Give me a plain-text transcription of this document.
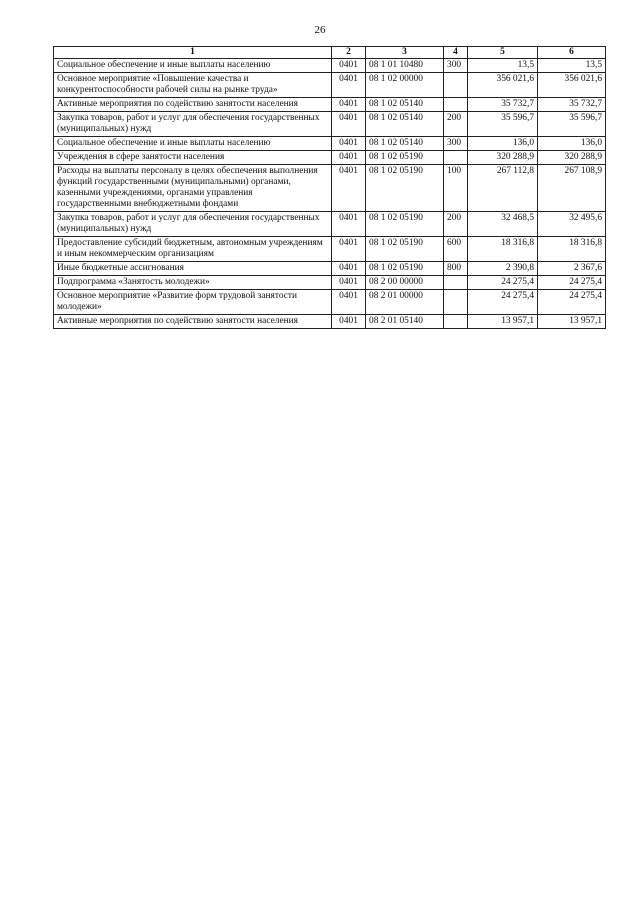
26
1	2	3	4	5	6
Социальное обеспечение и иные выплаты населению	0401	08 1 01 10480	300	13,5	13,5
Основное мероприятие «Повышение качества и конкурентоспособности рабочей силы на рынке труда»	0401	08 1 02 00000		356 021,6	356 021,6
Активные мероприятия по содействию занятости населения	0401	08 1 02 05140		35 732,7	35 732,7
Закупка товаров, работ и услуг для обеспечения государственных (муниципальных) нужд	0401	08 1 02 05140	200	35 596,7	35 596,7
Социальное обеспечение и иные выплаты населению	0401	08 1 02 05140	300	136,0	136,0
Учреждения в сфере занятости населения	0401	08 1 02 05190		320 288,9	320 288,9
Расходы на выплаты персоналу в целях обеспечения выполнения функций государственными (муниципальными) органами, казенными учреждениями, органами управления государственными внебюджетными фондами	0401	08 1 02 05190	100	267 112,8	267 108,9
Закупка товаров, работ и услуг для обеспечения государственных (муниципальных) нужд	0401	08 1 02 05190	200	32 468,5	32 495,6
Предоставление субсидий бюджетным, автономным учреждениям и иным некоммерческим организациям	0401	08 1 02 05190	600	18 316,8	18 316,8
Иные бюджетные ассигнования	0401	08 1 02 05190	800	2 390,8	2 367,6
Подпрограмма «Занятость молодежи»	0401	08 2 00 00000		24 275,4	24 275,4
Основное мероприятие «Развитие форм трудовой занятости молодежи»	0401	08 2 01 00000		24 275,4	24 275,4
Активные мероприятия по содействию занятости населения	0401	08 2 01 05140		13 957,1	13 957,1
